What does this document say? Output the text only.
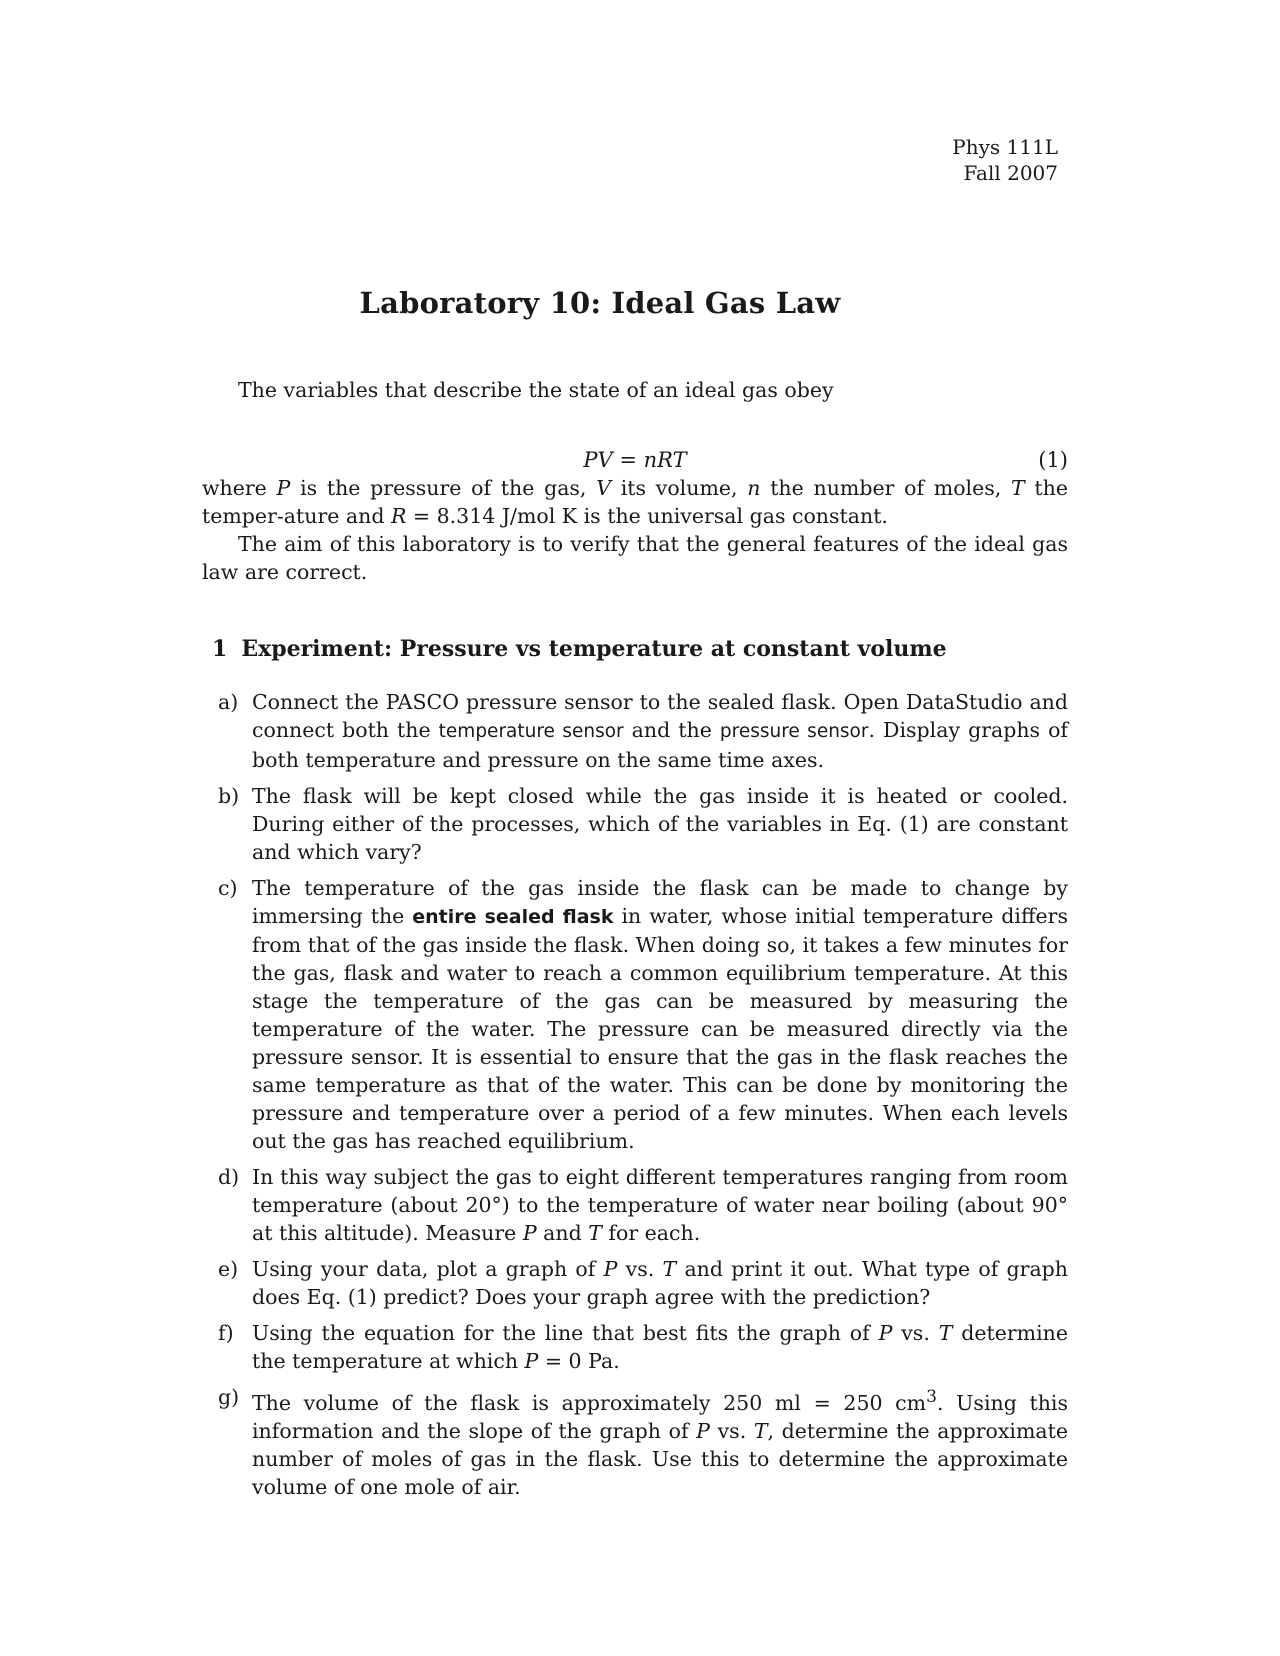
Phys 111L
Fall 2007
Laboratory 10: Ideal Gas Law
The variables that describe the state of an ideal gas obey
PV = nRT	(1)
where P is the pressure of the gas, V its volume, n the number of moles, T the temper-ature and R = 8.314 J/mol K is the universal gas constant.
The aim of this laboratory is to verify that the general features of the ideal gas law are correct.
1 Experiment: Pressure vs temperature at constant volume
a) Connect the PASCO pressure sensor to the sealed flask. Open DataStudio and connect both the temperature sensor and the pressure sensor. Display graphs of both temperature and pressure on the same time axes.
b) The flask will be kept closed while the gas inside it is heated or cooled. During either of the processes, which of the variables in Eq. (1) are constant and which vary?
c) The temperature of the gas inside the flask can be made to change by immersing the entire sealed flask in water, whose initial temperature differs from that of the gas inside the flask. When doing so, it takes a few minutes for the gas, flask and water to reach a common equilibrium temperature. At this stage the temperature of the gas can be measured by measuring the temperature of the water. The pressure can be measured directly via the pressure sensor. It is essential to ensure that the gas in the flask reaches the same temperature as that of the water. This can be done by monitoring the pressure and temperature over a period of a few minutes. When each levels out the gas has reached equilibrium.
d) In this way subject the gas to eight different temperatures ranging from room temperature (about 20°) to the temperature of water near boiling (about 90° at this altitude). Measure P and T for each.
e) Using your data, plot a graph of P vs. T and print it out. What type of graph does Eq. (1) predict? Does your graph agree with the prediction?
f) Using the equation for the line that best fits the graph of P vs. T determine the temperature at which P = 0 Pa.
g) The volume of the flask is approximately 250 ml = 250 $cm^3$. Using this information and the slope of the graph of P vs. T, determine the approximate number of moles of gas in the flask. Use this to determine the approximate volume of one mole of air.
